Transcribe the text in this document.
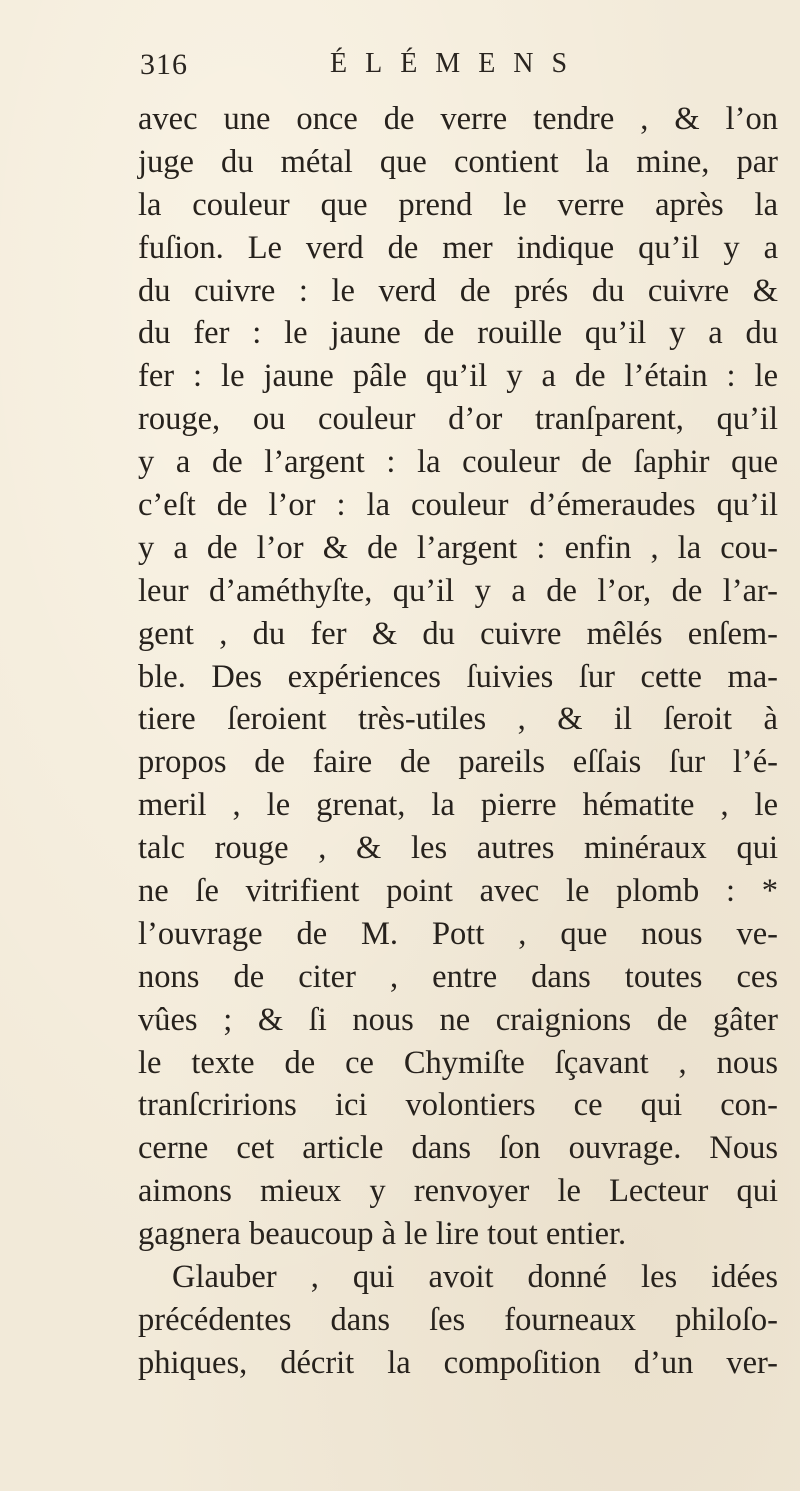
316	ÉLÉMENS
avec une once de verre tendre , & l’on
juge du métal que contient la mine, par
la couleur que prend le verre après la
fuſion. Le verd de mer indique qu’il y a
du cuivre : le verd de prés du cuivre &
du fer : le jaune de rouille qu’il y a du
fer : le jaune pâle qu’il y a de l’étain : le
rouge, ou couleur d’or tranſparent, qu’il
y a de l’argent : la couleur de ſaphir que
c’eſt de l’or : la couleur d’émeraudes qu’il
y a de l’or & de l’argent : enfin , la cou-
leur d’améthyſte, qu’il y a de l’or, de l’ar-
gent , du fer & du cuivre mêlés enſem-
ble. Des expériences ſuivies ſur cette ma-
tiere ſeroient très-utiles , & il ſeroit à
propos de faire de pareils eſſais ſur l’é-
meril , le grenat, la pierre hématite , le
talc rouge , & les autres minéraux qui
ne ſe vitrifient point avec le plomb : *
l’ouvrage de M. Pott , que nous ve-
nons de citer , entre dans toutes ces
vûes ; & ſi nous ne craignions de gâter
le texte de ce Chymiſte ſçavant , nous
tranſcririons ici volontiers ce qui con-
cerne cet article dans ſon ouvrage. Nous
aimons mieux y renvoyer le Lecteur qui
gagnera beaucoup à le lire tout entier.
Glauber , qui avoit donné les idées
précédentes dans ſes fourneaux philoſo-
phiques, décrit la compoſition d’un ver-
